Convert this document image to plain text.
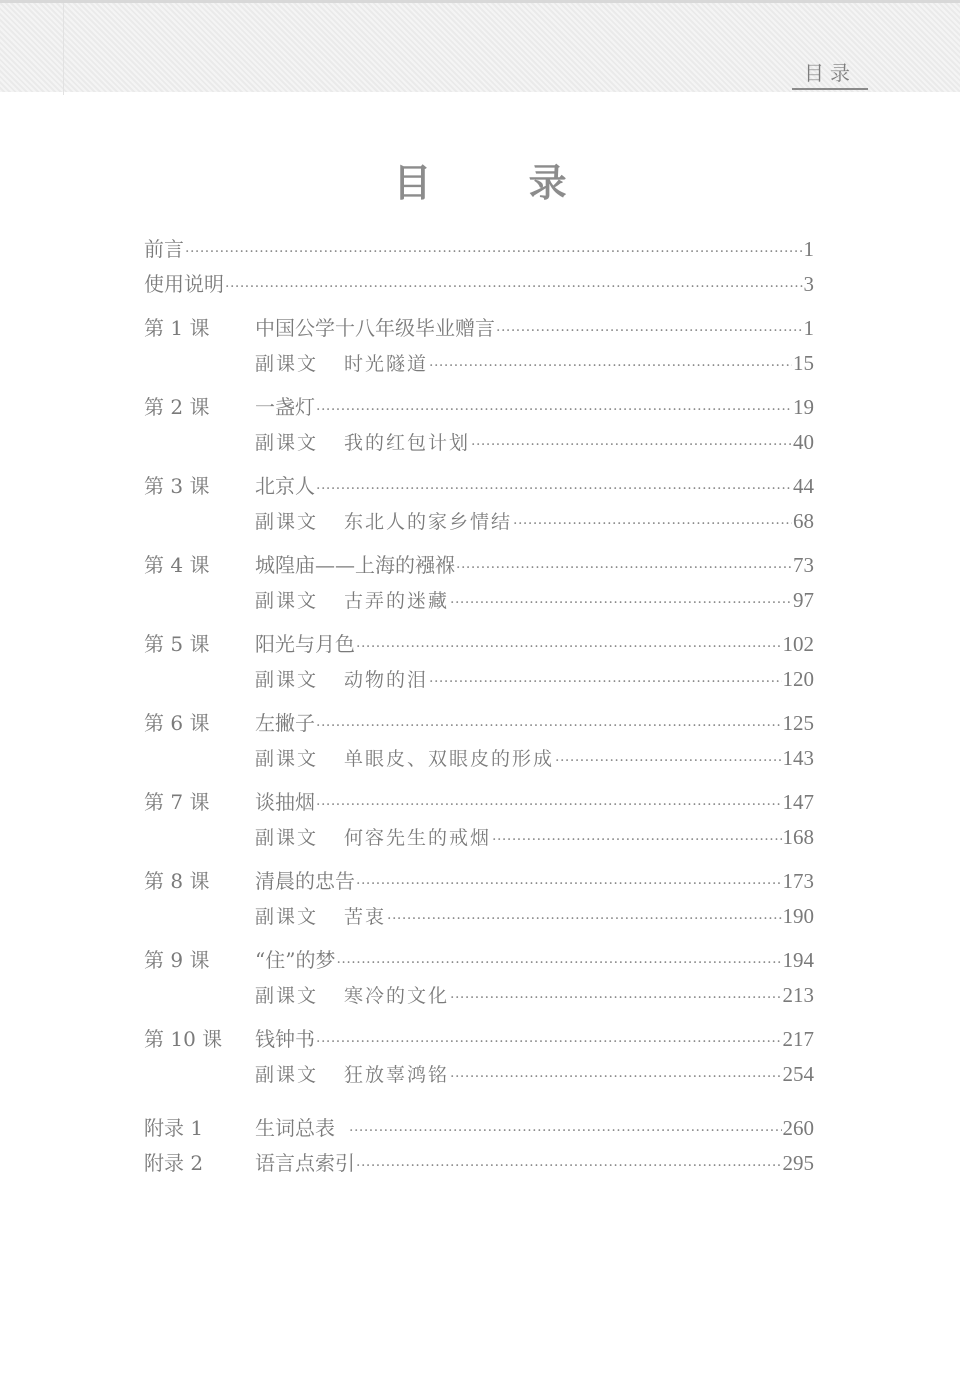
目录
目 录
前言 ·····	1
使用说明 ·····	3
第 1 课	中国公学十八年级毕业赠言 ·····	1
副课文 时光隧道 ·····	15
第 2 课	一盏灯 ·····	19
副课文 我的红包计划 ·····	40
第 3 课	北京人 ·····	44
副课文 东北人的家乡情结 ·····	68
第 4 课	城隍庙——上海的襁褓 ·····	73
副课文 古弄的迷藏 ·····	97
第 5 课	阳光与月色 ·····	102
副课文 动物的泪 ·····	120
第 6 课	左撇子 ·····	125
副课文 单眼皮、双眼皮的形成 ·····	143
第 7 课	谈抽烟 ·····	147
副课文 何容先生的戒烟 ·····	168
第 8 课	清晨的忠告 ·····	173
副课文 苦衷 ·····	190
第 9 课	“住”的梦 ·····	194
副课文 寒冷的文化 ·····	213
第 10 课	钱钟书 ·····	217
副课文 狂放辜鸿铭 ·····	254
附录 1	生词总表 ·····	260
附录 2	语言点索引 ·····	295
